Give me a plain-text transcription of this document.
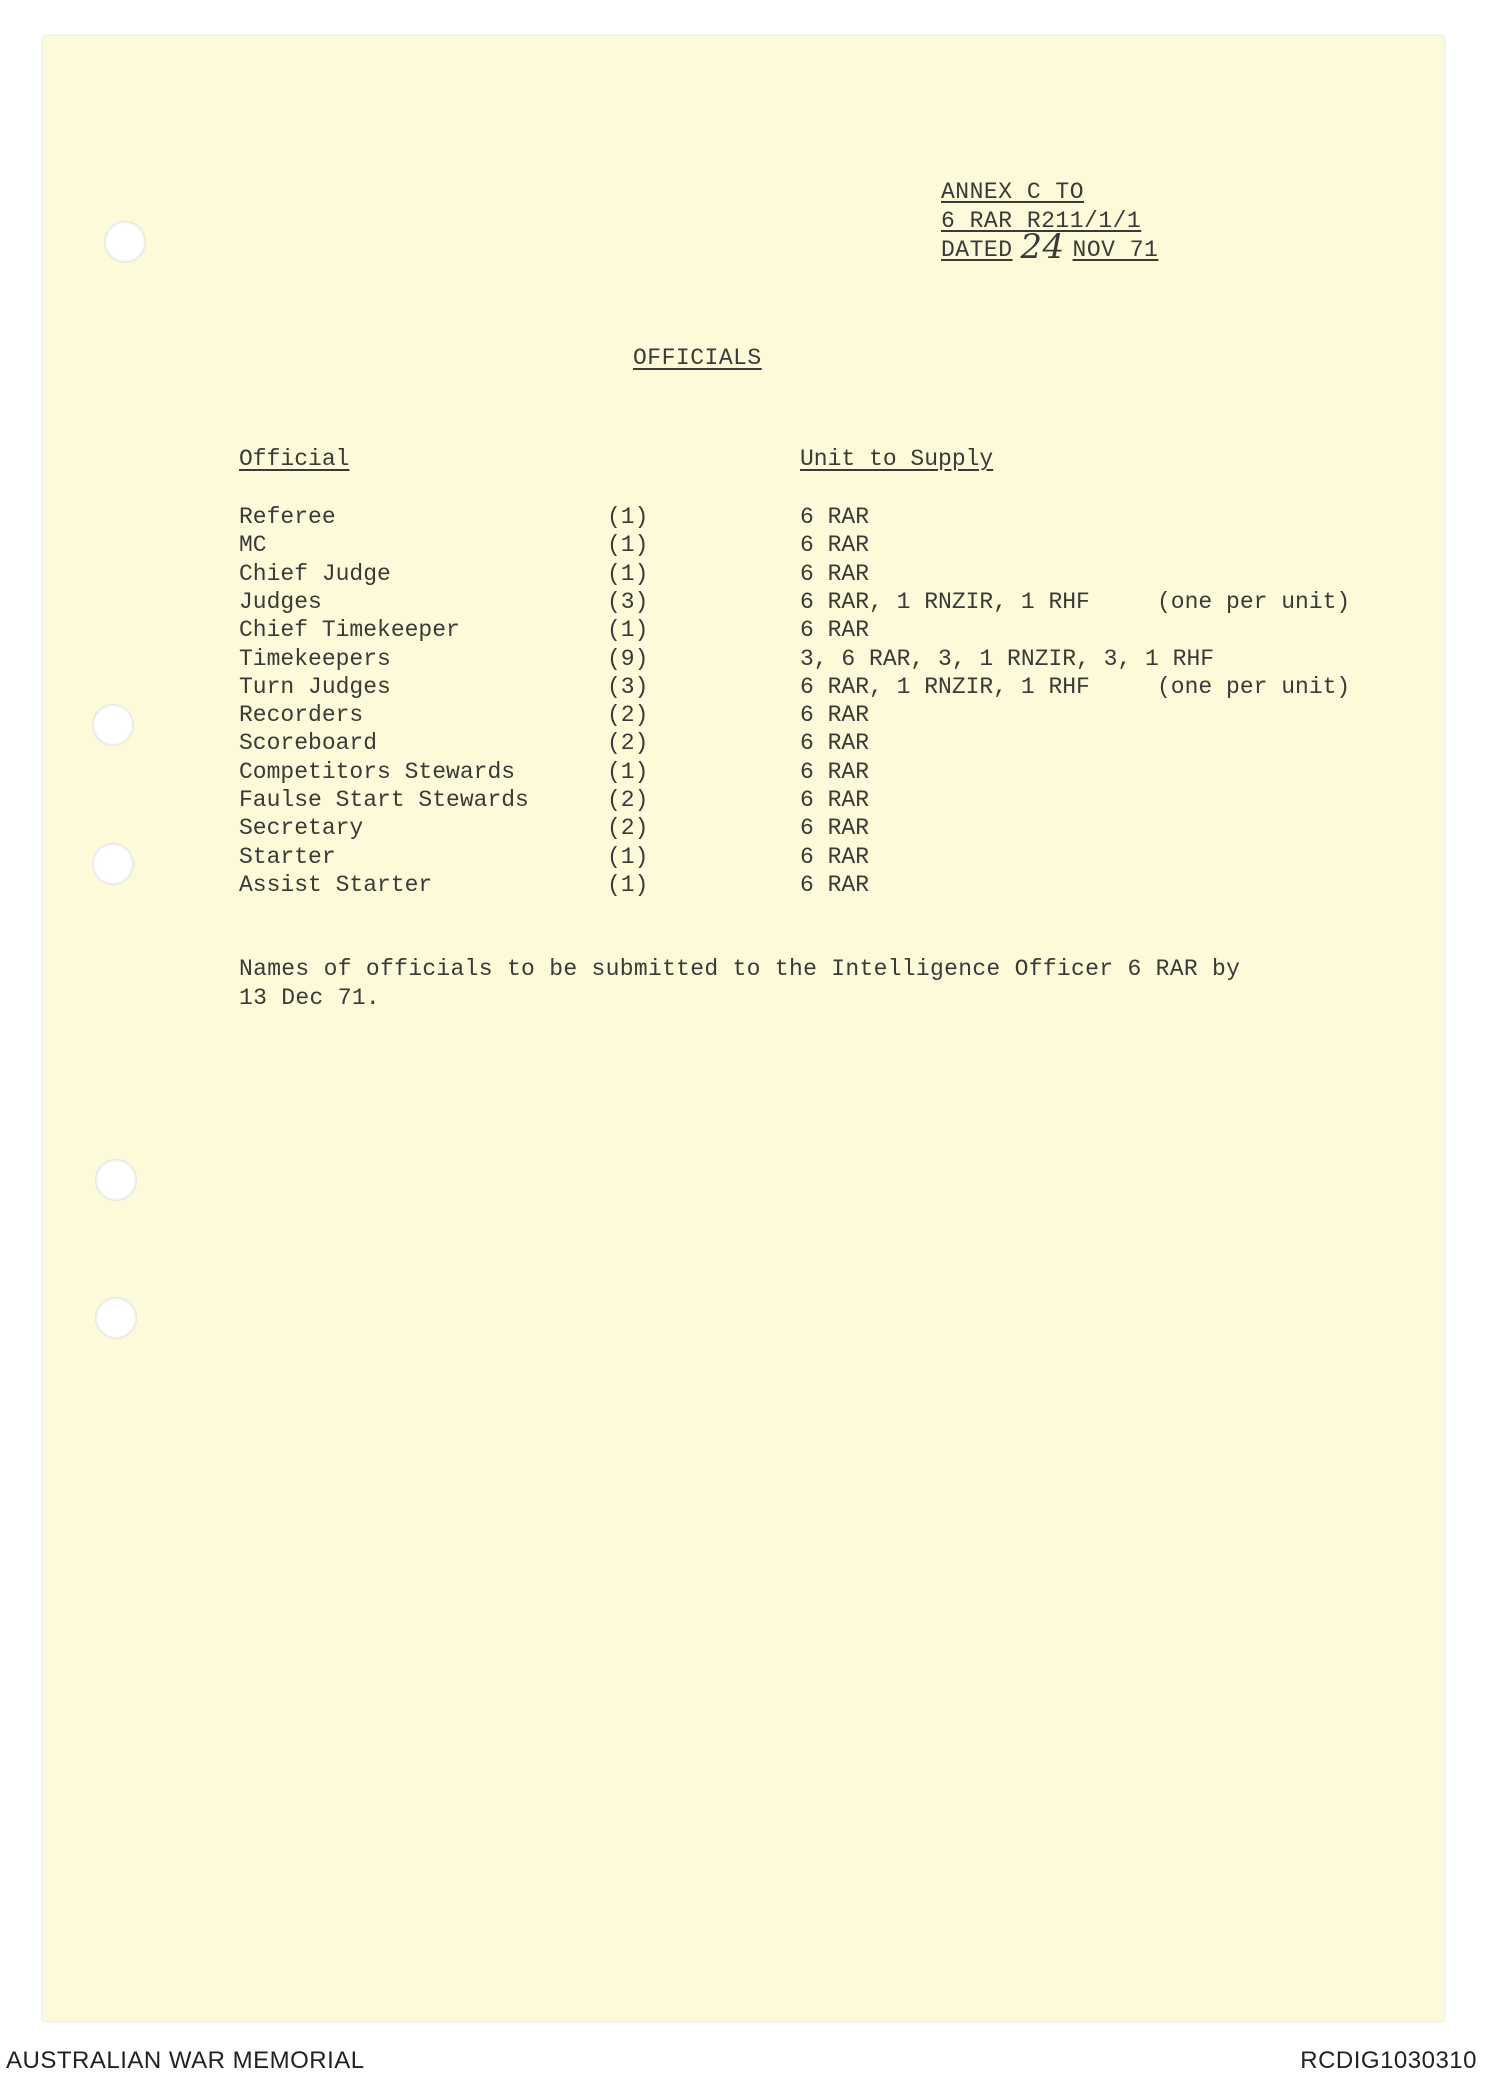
ANNEX C TO
6 RAR R211/1/1
DATED 24 NOV 71
OFFICIALS
Official	Unit to Supply
Referee	(1)	6 RAR
MC	(1)	6 RAR
Chief Judge	(1)	6 RAR
Judges	(3)	6 RAR, 1 RNZIR, 1 RHF	(one per unit)
Chief Timekeeper	(1)	6 RAR
Timekeepers	(9)	3, 6 RAR, 3, 1 RNZIR, 3, 1 RHF
Turn Judges	(3)	6 RAR, 1 RNZIR, 1 RHF	(one per unit)
Recorders	(2)	6 RAR
Scoreboard	(2)	6 RAR
Competitors Stewards	(1)	6 RAR
Faulse Start Stewards	(2)	6 RAR
Secretary	(2)	6 RAR
Starter	(1)	6 RAR
Assist Starter	(1)	6 RAR
Names of officials to be submitted to the Intelligence Officer 6 RAR by
13 Dec 71.
AUSTRALIAN WAR MEMORIAL	RCDIG1030310
